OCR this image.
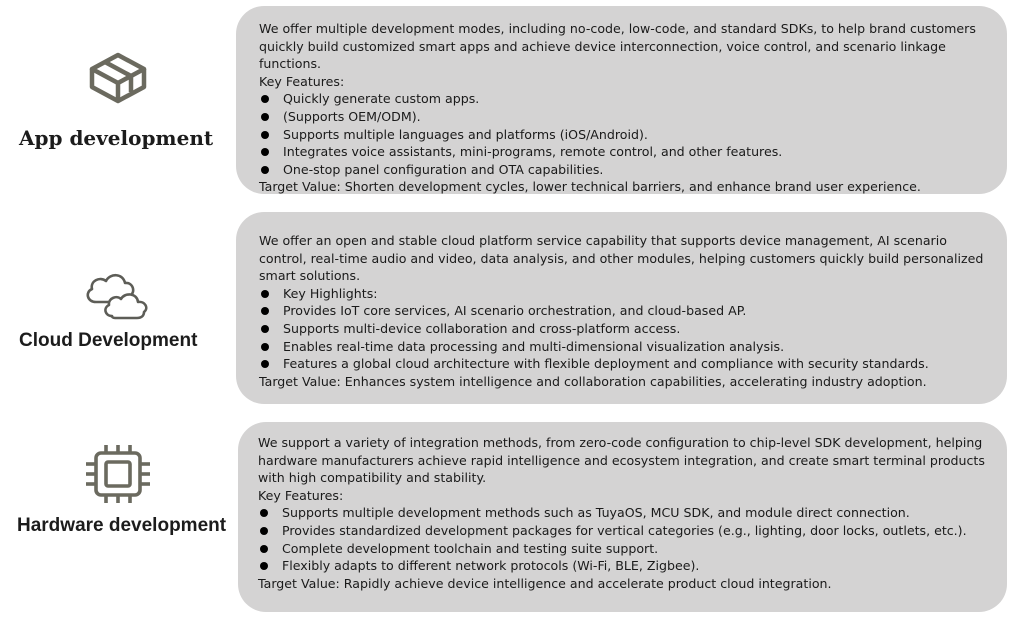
App development

We offer multiple development modes, including no-code, low-code, and standard SDKs, to help brand customers quickly build customized smart apps and achieve device interconnection, voice control, and scenario linkage functions.

Key Features:

Quickly generate custom apps.
(Supports OEM/ODM).
Supports multiple languages and platforms (iOS/Android).
Integrates voice assistants, mini-programs, remote control, and other features.
One-stop panel configuration and OTA capabilities.

Target Value: Shorten development cycles, lower technical barriers, and enhance brand user experience.

Cloud Development

We offer an open and stable cloud platform service capability that supports device management, AI scenario control, real-time audio and video, data analysis, and other modules, helping customers quickly build personalized smart solutions.

Key Highlights:
Provides IoT core services, AI scenario orchestration, and cloud-based AP.
Supports multi-device collaboration and cross-platform access.
Enables real-time data processing and multi-dimensional visualization analysis.
Features a global cloud architecture with flexible deployment and compliance with security standards.

Target Value: Enhances system intelligence and collaboration capabilities, accelerating industry adoption.

Hardware development

We support a variety of integration methods, from zero-code configuration to chip-level SDK development, helping hardware manufacturers achieve rapid intelligence and ecosystem integration, and create smart terminal products with high compatibility and stability.

Key Features:

Supports multiple development methods such as TuyaOS, MCU SDK, and module direct connection.
Provides standardized development packages for vertical categories (e.g., lighting, door locks, outlets, etc.).
Complete development toolchain and testing suite support.
Flexibly adapts to different network protocols (Wi-Fi, BLE, Zigbee).

Target Value: Rapidly achieve device intelligence and accelerate product cloud integration.
